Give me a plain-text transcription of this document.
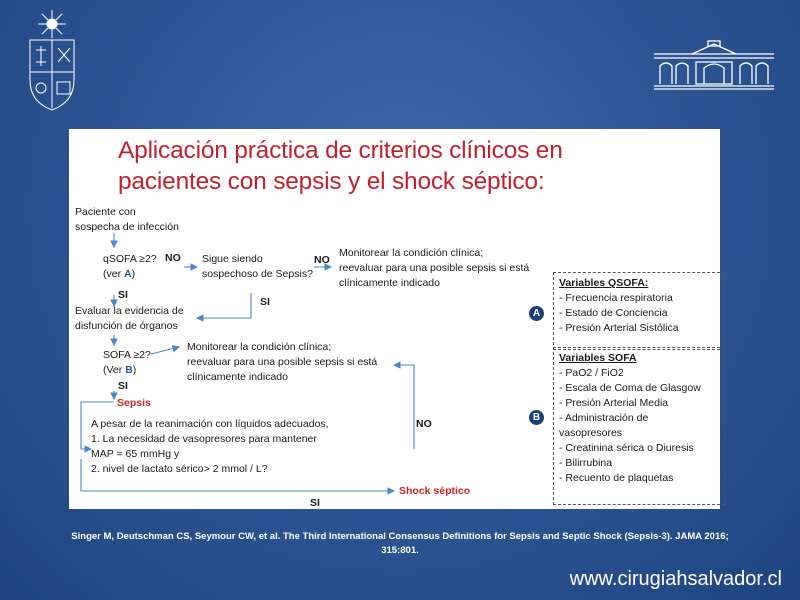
Aplicación práctica de criterios clínicos en
pacientes con sepsis y el shock séptico:
Paciente con
sospecha de infección
qSOFA ≥2?
(ver A)
NO Sigue siendo
sospechoso de Sepsis?
NO
Monitorear la condición clínica;
reevaluar para una posible sepsis si está
clínicamente indicado
SI
SI
Evaluar la evidencia de
disfunción de órganos
SOFA ≥2?
(Ver B)
Monitorear la condición clínica;
reevaluar para una posible sepsis si está
clínicamente indicado
SI
Sepsis
A pesar de la reanimación con líquidos adecuados,
1. La necesidad de vasopresores para mantener
MAP = 65 mmHg y
2. nivel de lactato sérico> 2 mmol / L?
NO
SI
Shock séptico
A
Variables QSOFA:
- Frecuencia respiratoria
- Estado de Conciencia
- Presión Arterial Sistólica
B
Variables SOFA
- PaO2 / FiO2
- Escala de Coma de Glasgow
- Presión Arterial Media
- Administración de
vasopresores
- Creatinina sérica o Diuresis
- Bilirrubina
- Recuento de plaquetas
Singer M, Deutschman CS, Seymour CW, et al. The Third International Consensus Definitions for Sepsis and Septic Shock (Sepsis-3). JAMA 2016; 315:801.
www.cirugiahsalvador.cl
